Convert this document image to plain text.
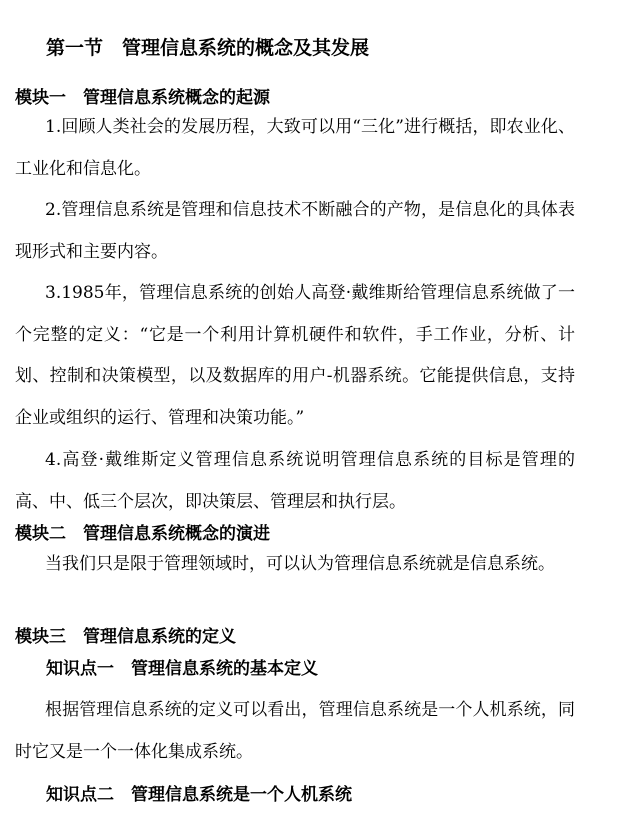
第一节　管理信息系统的概念及其发展
模块一　管理信息系统概念的起源

1.回顾人类社会的发展历程，大致可以用“三化”进行概括，即农业化、工业化和信息化。

2.管理信息系统是管理和信息技术不断融合的产物，是信息化的具体表现形式和主要内容。

3.1985年，管理信息系统的创始人高登·戴维斯给管理信息系统做了一个完整的定义：“它是一个利用计算机硬件和软件，手工作业，分析、计划、控制和决策模型，以及数据库的用户-机器系统。它能提供信息，支持企业或组织的运行、管理和决策功能。”

4.高登·戴维斯定义管理信息系统说明管理信息系统的目标是管理的高、中、低三个层次，即决策层、管理层和执行层。

模块二　管理信息系统概念的演进

当我们只是限于管理领域时，可以认为管理信息系统就是信息系统。

模块三　管理信息系统的定义
知识点一　管理信息系统的基本定义

根据管理信息系统的定义可以看出，管理信息系统是一个人机系统，同时它又是一个一体化集成系统。

知识点二　管理信息系统是一个人机系统
